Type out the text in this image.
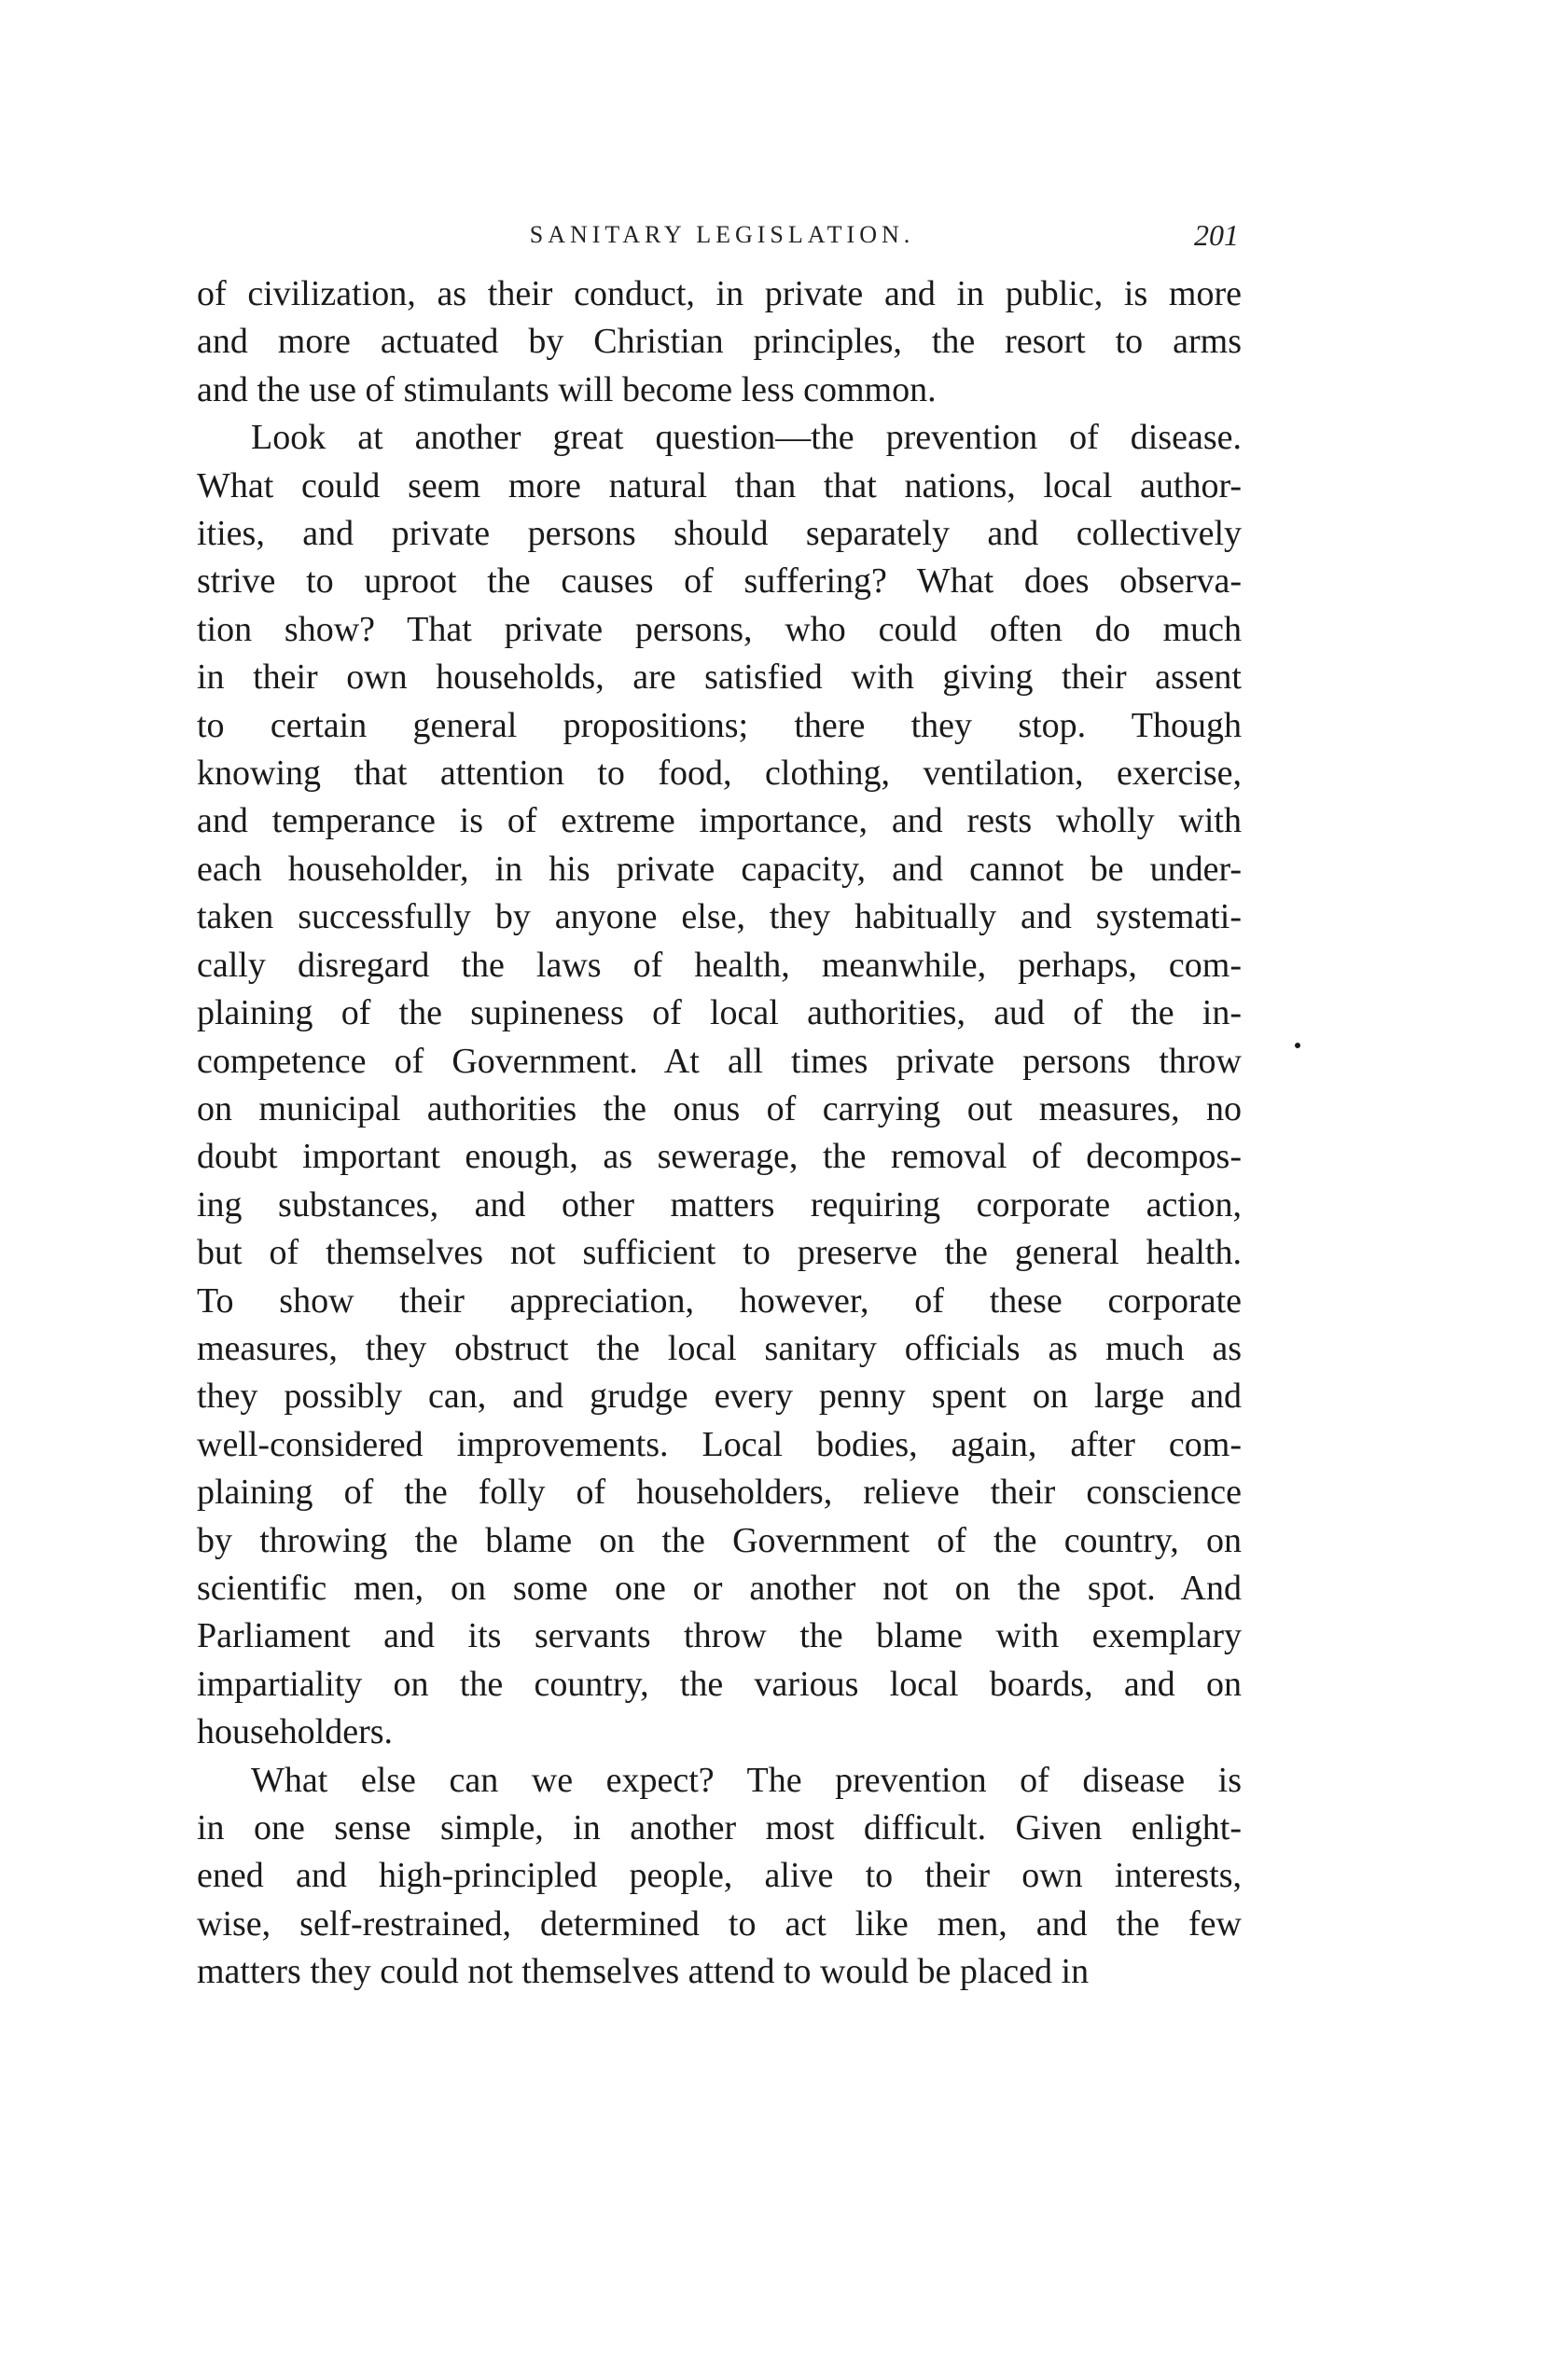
SANITARY LEGISLATION.	201
of civilization, as their conduct, in private and in public, is more
and more actuated by Christian principles, the resort to arms
and the use of stimulants will become less common.
Look at another great question—the prevention of disease.
What could seem more natural than that nations, local author-
ities, and private persons should separately and collectively
strive to uproot the causes of suffering? What does observa-
tion show? That private persons, who could often do much
in their own households, are satisfied with giving their assent
to certain general propositions; there they stop. Though
knowing that attention to food, clothing, ventilation, exercise,
and temperance is of extreme importance, and rests wholly with
each householder, in his private capacity, and cannot be under-
taken successfully by anyone else, they habitually and systemati-
cally disregard the laws of health, meanwhile, perhaps, com-
plaining of the supineness of local authorities, aud of the in-
competence of Government. At all times private persons throw
on municipal authorities the onus of carrying out measures, no
doubt important enough, as sewerage, the removal of decompos-
ing substances, and other matters requiring corporate action,
but of themselves not sufficient to preserve the general health.
To show their appreciation, however, of these corporate
measures, they obstruct the local sanitary officials as much as
they possibly can, and grudge every penny spent on large and
well-considered improvements. Local bodies, again, after com-
plaining of the folly of householders, relieve their conscience
by throwing the blame on the Government of the country, on
scientific men, on some one or another not on the spot. And
Parliament and its servants throw the blame with exemplary
impartiality on the country, the various local boards, and on
householders.
What else can we expect? The prevention of disease is
in one sense simple, in another most difficult. Given enlight-
ened and high-principled people, alive to their own interests,
wise, self-restrained, determined to act like men, and the few
matters they could not themselves attend to would be placed in
